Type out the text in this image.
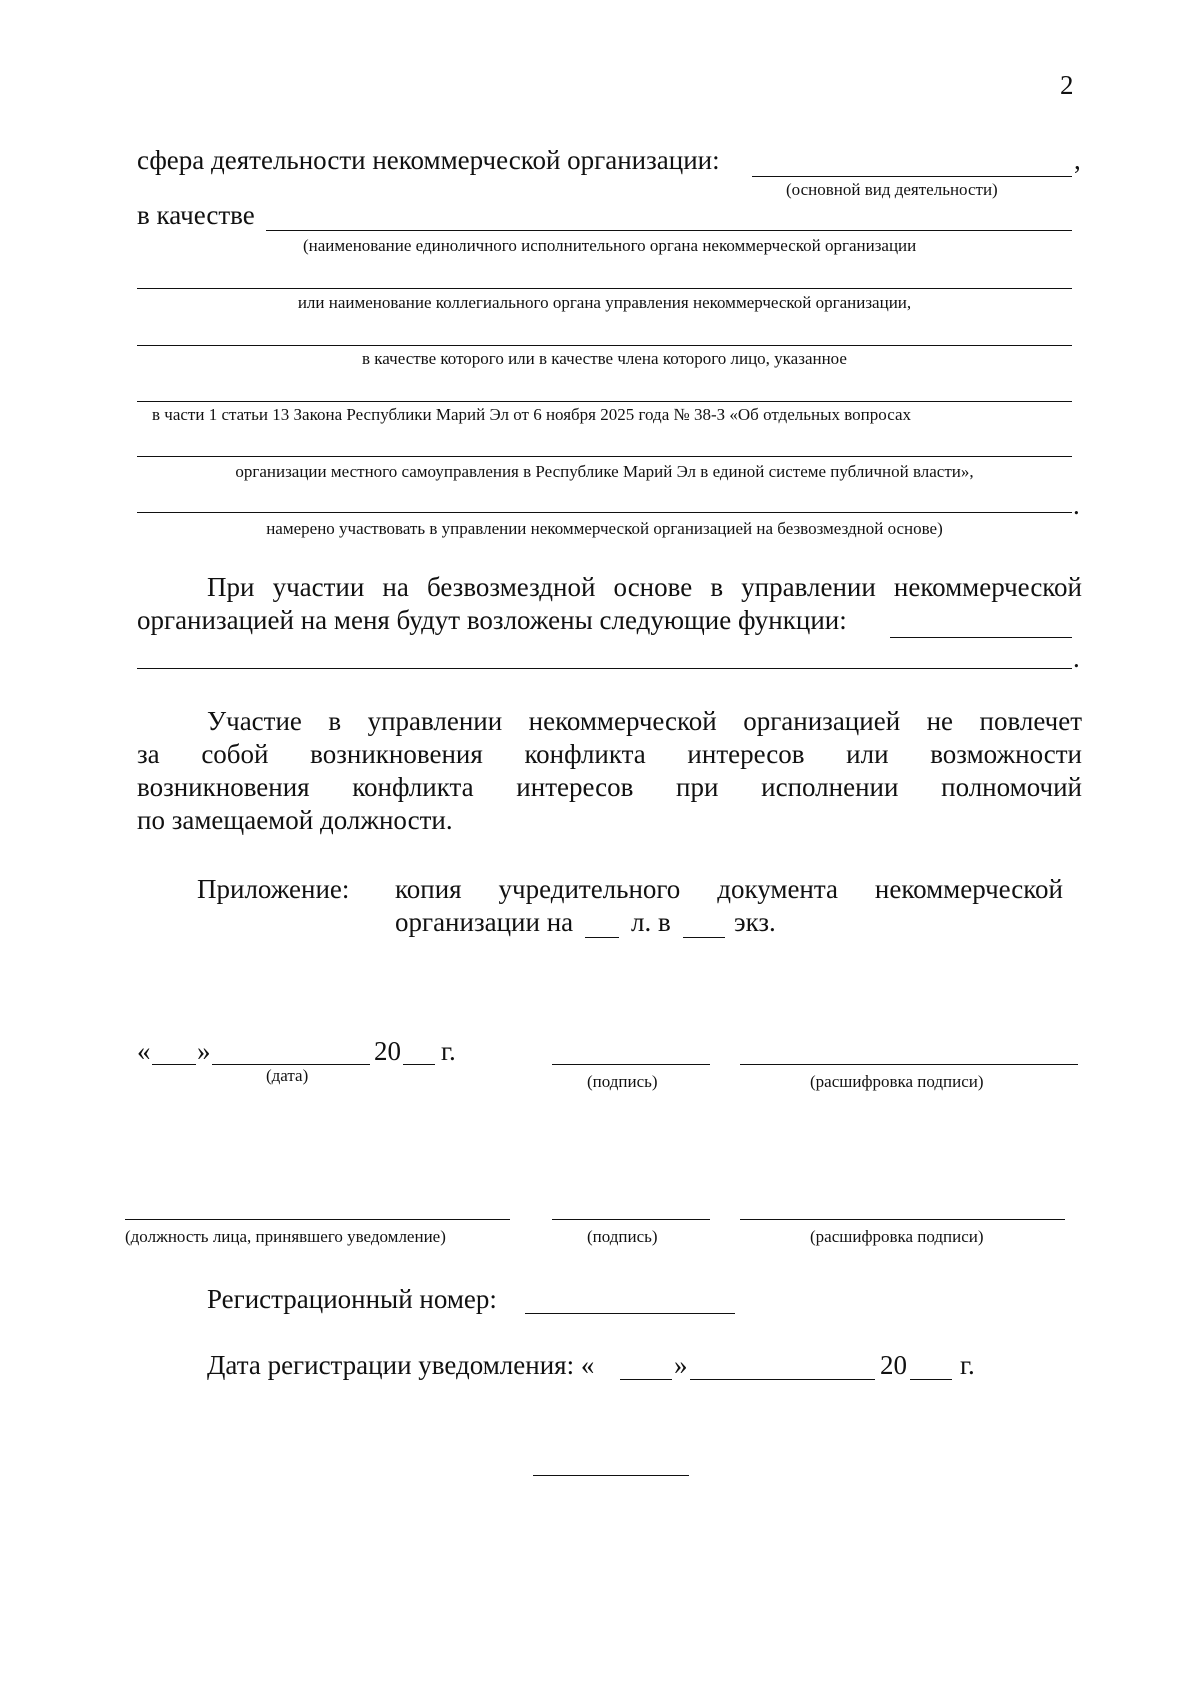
2
сфера деятельности некоммерческой организации:	,
(основной вид деятельности)
в качестве
(наименование единоличного исполнительного органа некоммерческой организации
или наименование коллегиального органа управления некоммерческой организации,
в качестве которого или в качестве члена которого лицо, указанное
в части 1 статьи 13 Закона Республики Марий Эл от 6 ноября 2025 года № 38-З «Об отдельных вопросах
организации местного самоуправления в Республике Марий Эл в единой системе публичной власти»,
.
намерено участвовать в управлении некоммерческой организацией на безвозмездной основе)
При участии на безвозмездной основе в управлении некоммерческой
организацией на меня будут возложены следующие функции:
.
Участие в управлении некоммерческой организацией не повлечет
за собой возникновения конфликта интересов или возможности
возникновения конфликта интересов при исполнении полномочий
по замещаемой должности.
Приложение: копия учредительного документа некоммерческой
организации на л. в экз.
« »	20 г.
(дата)	(подпись)	(расшифровка подписи)
(должность лица, принявшего уведомление)	(подпись)	(расшифровка подписи)
Регистрационный номер:
Дата регистрации уведомления: «	»	20 г.
